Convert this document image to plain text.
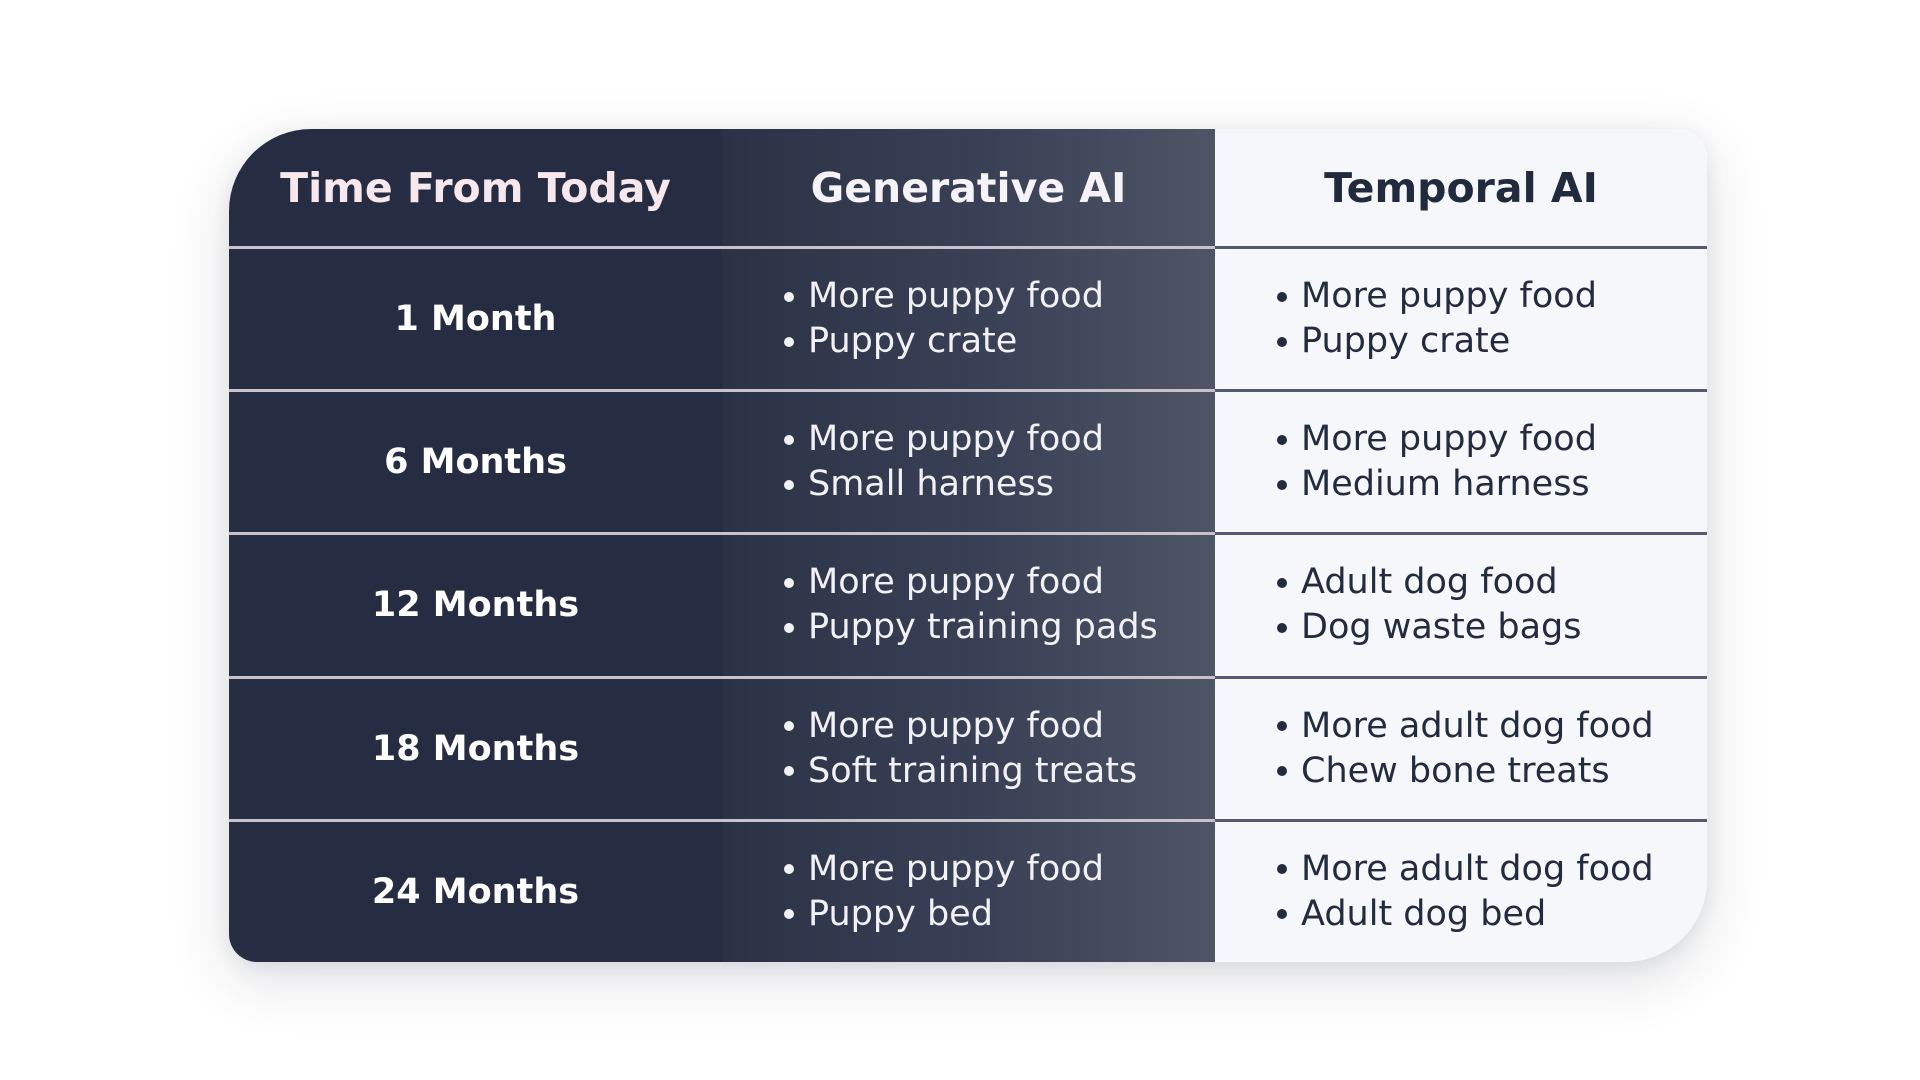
Time From Today	Generative AI	Temporal AI
1 Month
More puppy food
Puppy crate
More puppy food
Puppy crate
6 Months
More puppy food
Small harness
More puppy food
Medium harness
12 Months
More puppy food
Puppy training pads
Adult dog food
Dog waste bags
18 Months
More puppy food
Soft training treats
More adult dog food
Chew bone treats
24 Months
More puppy food
Puppy bed
More adult dog food
Adult dog bed
